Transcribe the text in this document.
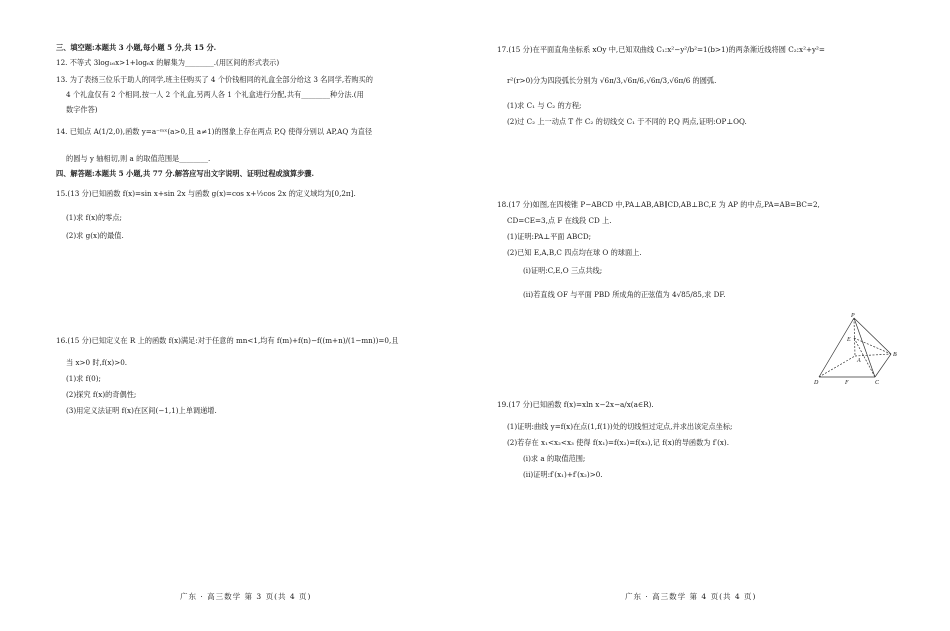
三、填空题:本题共 3 小题,每小题 5 分,共 15 分.
12. 不等式 3log₁₆x>1+log₆x 的解集为________.(用区间的形式表示)
13. 为了表扬三位乐于助人的同学,班主任购买了 4 个价钱相同的礼盒全部分给这 3 名同学,若购买的
4 个礼盒仅有 2 个相同,按一人 2 个礼盒,另两人各 1 个礼盒进行分配,共有________种分法.(用
数字作答)
14. 已知点 A(1/2,0),函数 y=a⁻ᵐˣ(a>0,且 a≠1)的图象上存在两点 P,Q 使得分别以 AP,AQ 为直径
的圆与 y 轴相切,则 a 的取值范围是________.
四、解答题:本题共 5 小题,共 77 分.解答应写出文字说明、证明过程或演算步骤.
15.(13 分)已知函数 f(x)=sin x+sin 2x 与函数 g(x)=cos x+½cos 2x 的定义域均为[0,2π].
(1)求 f(x)的零点;
(2)求 g(x)的最值.
16.(15 分)已知定义在 R 上的函数 f(x)满足:对于任意的 mn<1,均有 f(m)+f(n)−f((m+n)/(1−mn))=0,且
当 x>0 时,f(x)>0.
(1)求 f(0);
(2)探究 f(x)的奇偶性;
(3)用定义法证明 f(x)在区间(−1,1)上单调递增.
广东 · 高三数学 第 3 页(共 4 页)
17.(15 分)在平面直角坐标系 xOy 中,已知双曲线 C₁:x²−y²/b²=1(b>1)的两条渐近线将圆 C₂:x²+y²=
r²(r>0)分为四段弧长分别为 √6π/3,√6π/6,√6π/3,√6π/6 的圆弧.
(1)求 C₁ 与 C₂ 的方程;
(2)过 C₂ 上一动点 T 作 C₂ 的切线交 C₁ 于不同的 P,Q 两点,证明:OP⊥OQ.
18.(17 分)如图,在四棱锥 P−ABCD 中,PA⊥AB,AB∥CD,AB⊥BC,E 为 AP 的中点,PA=AB=BC=2,
CD=CE=3,点 F 在线段 CD 上.
(1)证明:PA⊥平面 ABCD;
(2)已知 E,A,B,C 四点均在球 O 的球面上.
(i)证明:C,E,O 三点共线;
(ii)若直线 OF 与平面 PBD 所成角的正弦值为 4√85/85,求 DF.
P
E
A
B
D	F	C
19.(17 分)已知函数 f(x)=xln x−2x−a/x(a∈R).
(1)证明:曲线 y=f(x)在点(1,f(1))处的切线恒过定点,并求出该定点坐标;
(2)若存在 x₁<x₂<x₃ 使得 f(x₁)=f(x₂)=f(x₃),记 f(x)的导函数为 f′(x).
(i)求 a 的取值范围;
(ii)证明:f′(x₁)+f′(x₂)>0.
广东 · 高三数学 第 4 页(共 4 页)
